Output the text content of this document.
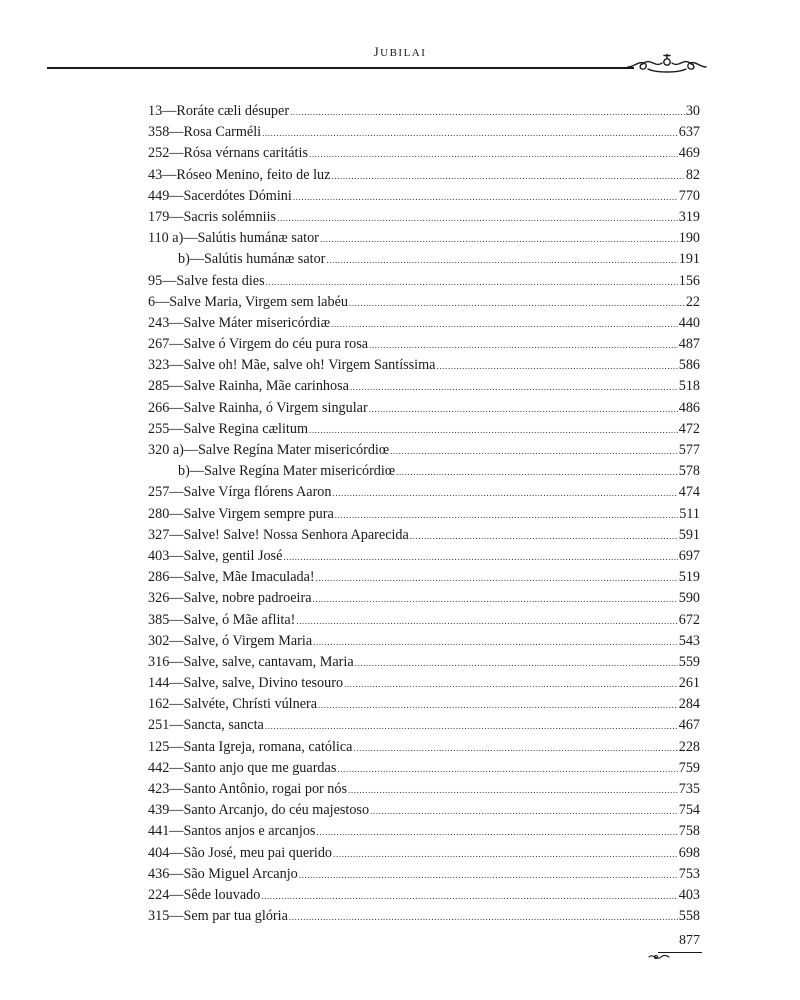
JUBILAI
13—Roráte cæli désuper .....	30
358—Rosa Carméli .....	637
252—Rósa vérnans caritátis .....	469
43—Róseo Menino, feito de luz .....	82
449—Sacerdótes Dómini .....	770
179—Sacris solémniis .....	319
110 a)—Salútis humánæ sator .....	190
b)—Salútis humánæ sator .....	191
95—Salve festa dies .....	156
6—Salve Maria, Virgem sem labéu .....	22
243—Salve Máter misericórdiæ .....	440
267—Salve ó Virgem do céu pura rosa .....	487
323—Salve oh! Mãe, salve oh! Virgem Santíssima .....	586
285—Salve Rainha, Mãe carinhosa .....	518
266—Salve Rainha, ó Virgem singular .....	486
255—Salve Regina cælitum .....	472
320 a)—Salve Regína Mater misericórdiœ .....	577
b)—Salve Regína Mater misericórdiœ .....	578
257—Salve Vírga flórens Aaron .....	474
280—Salve Virgem sempre pura .....	511
327—Salve! Salve! Nossa Senhora Aparecida .....	591
403—Salve, gentil José .....	697
286—Salve, Mãe Imaculada! .....	519
326—Salve, nobre padroeira .....	590
385—Salve, ó Mãe aflita! .....	672
302—Salve, ó Virgem Maria .....	543
316—Salve, salve, cantavam, Maria .....	559
144—Salve, salve, Divino tesouro .....	261
162—Salvéte, Chrísti vúlnera .....	284
251—Sancta, sancta .....	467
125—Santa Igreja, romana, católica .....	228
442—Santo anjo que me guardas .....	759
423—Santo Antônio, rogai por nós .....	735
439—Santo Arcanjo, do céu majestoso .....	754
441—Santos anjos e arcanjos .....	758
404—São José, meu pai querido .....	698
436—São Miguel Arcanjo .....	753
224—Sêde louvado .....	403
315—Sem par tua glória .....	558
877
